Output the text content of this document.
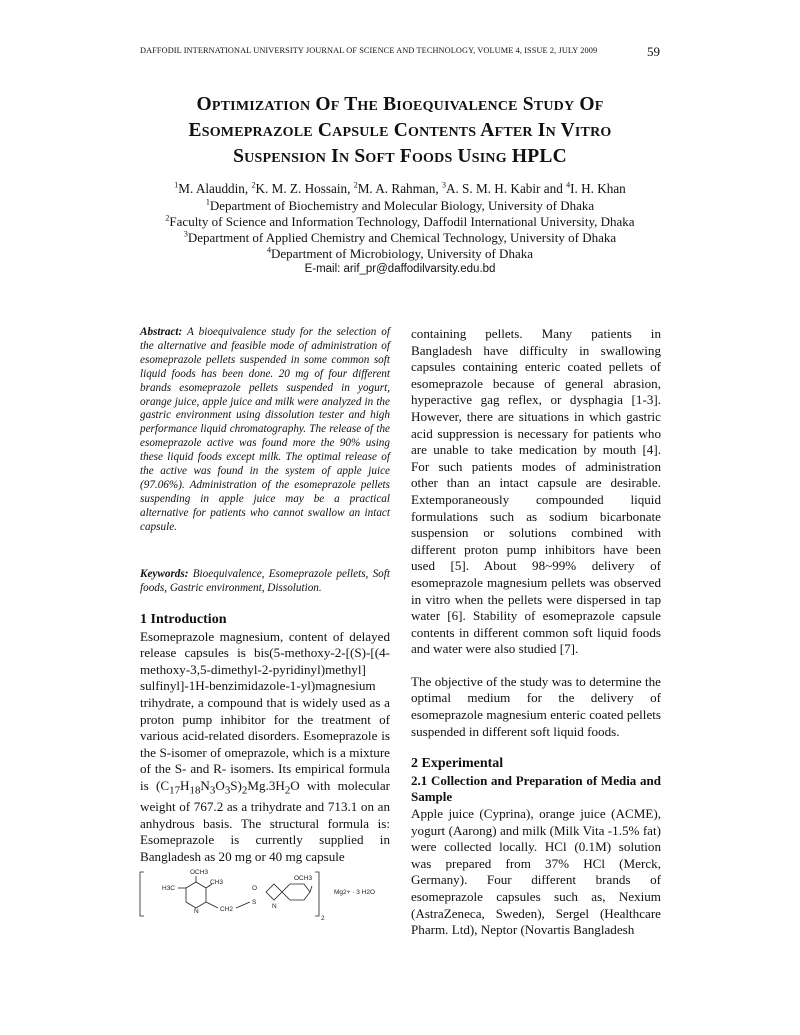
DAFFODIL INTERNATIONAL UNIVERSITY JOURNAL OF SCIENCE AND TECHNOLOGY, VOLUME 4, ISSUE 2, JULY 2009	59
Optimization Of The Bioequivalence Study Of
Esomeprazole Capsule Contents After In Vitro
Suspension In Soft Foods Using HPLC
$^1$M. Alauddin, $^2$K. M. Z. Hossain, $^2$M. A. Rahman, $^3$A. S. M. H. Kabir and $^4$I. H. Khan
$^1$Department of Biochemistry and Molecular Biology, University of Dhaka
$^2$Faculty of Science and Information Technology, Daffodil International University, Dhaka
$^3$Department of Applied Chemistry and Chemical Technology, University of Dhaka
$^4$Department of Microbiology, University of Dhaka
E-mail: arif_pr@daffodilvarsity.edu.bd
Abstract: A bioequivalence study for the selection of the alternative and feasible mode of administration of esomeprazole pellets suspended in some common soft liquid foods has been done. 20 mg of four different brands esomeprazole pellets suspended in yogurt, orange juice, apple juice and milk were analyzed in the gastric environment using dissolution tester and high performance liquid chromatography. The release of the esomeprazole active was found more the 90% using these liquid foods except milk. The optimal release of the active was found in the system of apple juice (97.06%). Administration of the esomeprazole pellets suspending in apple juice may be a practical alternative for patients who cannot swallow an intact capsule.
Keywords: Bioequivalence, Esomeprazole pellets, Soft foods, Gastric environment, Dissolution.
1 Introduction

Esomeprazole magnesium, content of delayed release capsules is bis(5-methoxy-2-[(S)-[(4-methoxy-3,5-dimethyl-2-pyridinyl)methyl] sulfinyl]-1H-benzimidazole-1-yl)magnesium trihydrate, a compound that is widely used as a proton pump inhibitor for the treatment of various acid-related disorders. Esomeprazole is the S-isomer of omeprazole, which is a mixture of the S- and R- isomers. Its empirical formula is $(C_{17}H_{18}N_3O_3S)_2Mg.3H_2O$ with molecular weight of 767.2 as a trihydrate and 713.1 on an anhydrous basis. The structural formula is: Esomeprazole is currently supplied in Bangladesh as 20 mg or 40 mg capsule

OCH3
H3C
CH3
N	CH2
S
O
N
OCH3
Mg2+ · 3 H2O
2

containing pellets. Many patients in Bangladesh have difficulty in swallowing capsules containing enteric coated pellets of esomeprazole because of general abrasion, hyperactive gag reflex, or dysphagia [1-3]. However, there are situations in which gastric acid suppression is necessary for patients who are unable to take medication by mouth [4]. For such patients modes of administration other than an intact capsule are desirable. Extemporaneously compounded liquid formulations such as sodium bicarbonate suspension or solutions combined with different proton pump inhibitors have been used [5]. About 98~99% delivery of esomeprazole magnesium pellets was observed in vitro when the pellets were dispersed in tap water [6]. Stability of esomeprazole capsule contents in different common soft liquid foods and water were also studied [7].

The objective of the study was to determine the optimal medium for the delivery of esomeprazole magnesium enteric coated pellets suspended in different soft liquid foods.

2 Experimental
2.1 Collection and Preparation of Media and Sample

Apple juice (Cyprina), orange juice (ACME), yogurt (Aarong) and milk (Milk Vita -1.5% fat) were collected locally. HCl (0.1M) solution was prepared from 37% HCl (Merck, Germany). Four different brands of esomeprazole capsules such as, Nexium (AstraZeneca, Sweden), Sergel (Healthcare Pharm. Ltd), Neptor (Novartis Bangladesh
